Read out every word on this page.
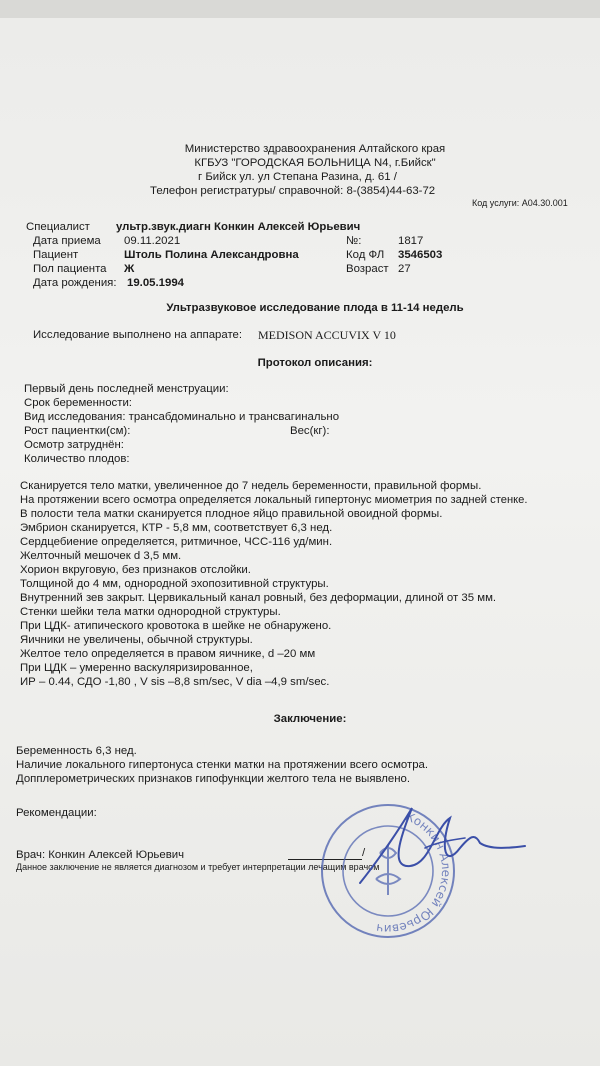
Министерство здравоохранения Алтайского края
КГБУЗ "ГОРОДСКАЯ БОЛЬНИЦА N4, г.Бийск"
г Бийск ул. ул Степана Разина, д. 61 /
Телефон регистратуры/ справочной: 8-(3854)44-63-72
Код услуги: А04.30.001
Специалист ультр.звук.диагн Конкин Алексей Юрьевич
Дата приема 09.11.2021	№:	1817
Пациент	Штоль Полина Александровна	Код ФЛ 3546503
Пол пациента Ж	Возраст 27
Дата рождения: 19.05.1994
Ультразвуковое исследование плода в 11-14 недель
Исследование выполнено на аппарате: MEDISON ACCUVIX V 10
Протокол описания:
Первый день последней менструации:
Срок беременности:
Вид исследования: трансабдоминально и трансвагинально
Рост пациентки(см):	Вес(кг):
Осмотр затруднён:
Количество плодов:
Сканируется тело матки, увеличенное до 7 недель беременности, правильной формы.
На протяжении всего осмотра определяется локальный гипертонус миометрия по задней стенке.
В полости тела матки сканируется плодное яйцо правильной овоидной формы.
Эмбрион сканируется, КТР - 5,8 мм, соответствует 6,3 нед.
Сердцебиение определяется, ритмичное, ЧСС-116 уд/мин.
Желточный мешочек d 3,5 мм.
Хорион вкруговую, без признаков отслойки.
Толщиной до 4 мм, однородной эхопозитивной структуры.
Внутренний зев закрыт. Цервикальный канал ровный, без деформации, длиной от 35 мм.
Стенки шейки тела матки однородной структуры.
При ЦДК- атипического кровотока в шейке не обнаружено.
Яичники не увеличены, обычной структуры.
Желтое тело определяется в правом яичнике, d –20 мм
При ЦДК – умеренно васкуляризированное,
ИР – 0.44, СДО -1,80 , V sis –8,8 sm/sec, V dia –4,9 sm/sec.
Заключение:
Беременность 6,3 нед.
Наличие локального гипертонуса стенки матки на протяжении всего осмотра.
Допплерометрических признаков гипофункции желтого тела не выявлено.
Рекомендации:
Врач: Конкин Алексей Юрьевич	/
Данное заключение не является диагнозом и требует интерпретации лечащим врачом
Конкин Алексей Юрьевич
